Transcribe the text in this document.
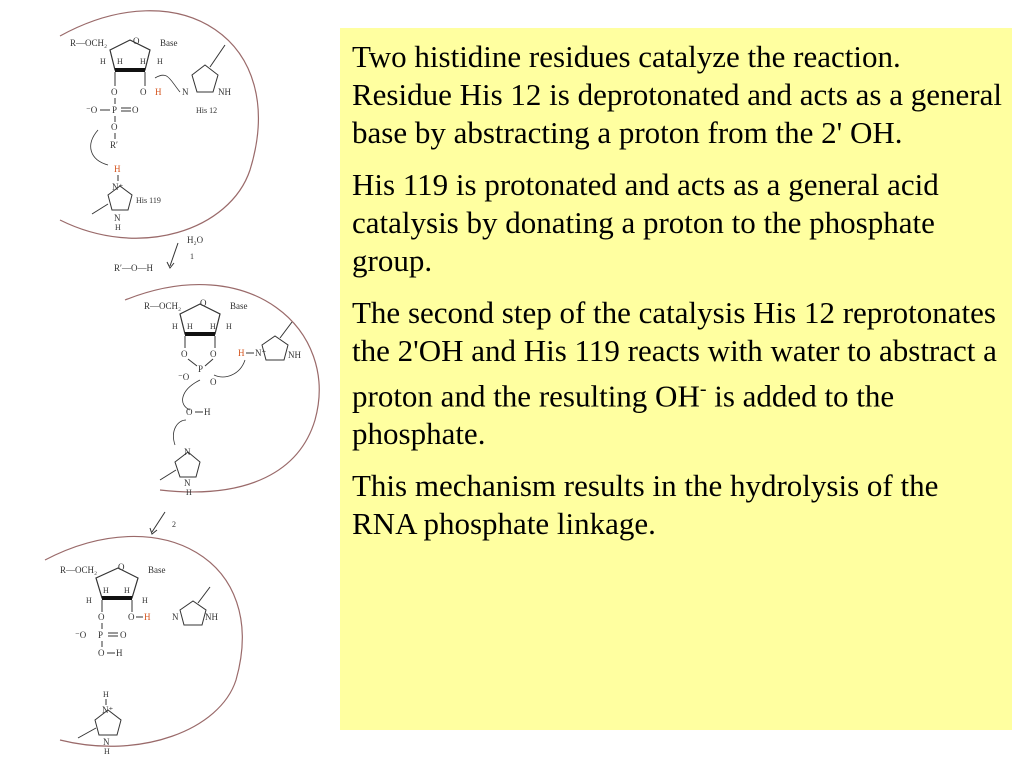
R—OCH₂	O Base
H H H H
O	O H
⁻O P O
O
R′
N	NH
His 12
H
N⁺
His 119
N
H
H₂O
1
R′—O—H
R—OCH₂ O	Base
H H H H
O	O
⁻O
P
O
H N⁺ NH
O H
N
N
H
2
R—OCH₂ O	Base
H
H H
H
O	O H
⁻O P O
O H
N	NH
H
N⁺
N
H

Two histidine residues catalyze the reaction. Residue His 12 is deprotonated and acts as a general base by abstracting a proton from the 2' OH.

His 119 is protonated and acts as a general acid catalysis by donating a proton to the phosphate group.

The second step of the catalysis His 12 reprotonates the 2'OH and His 119 reacts with water to abstract a proton and the resulting OH- is added to the phosphate.

This mechanism results in the hydrolysis of the RNA phosphate linkage.
